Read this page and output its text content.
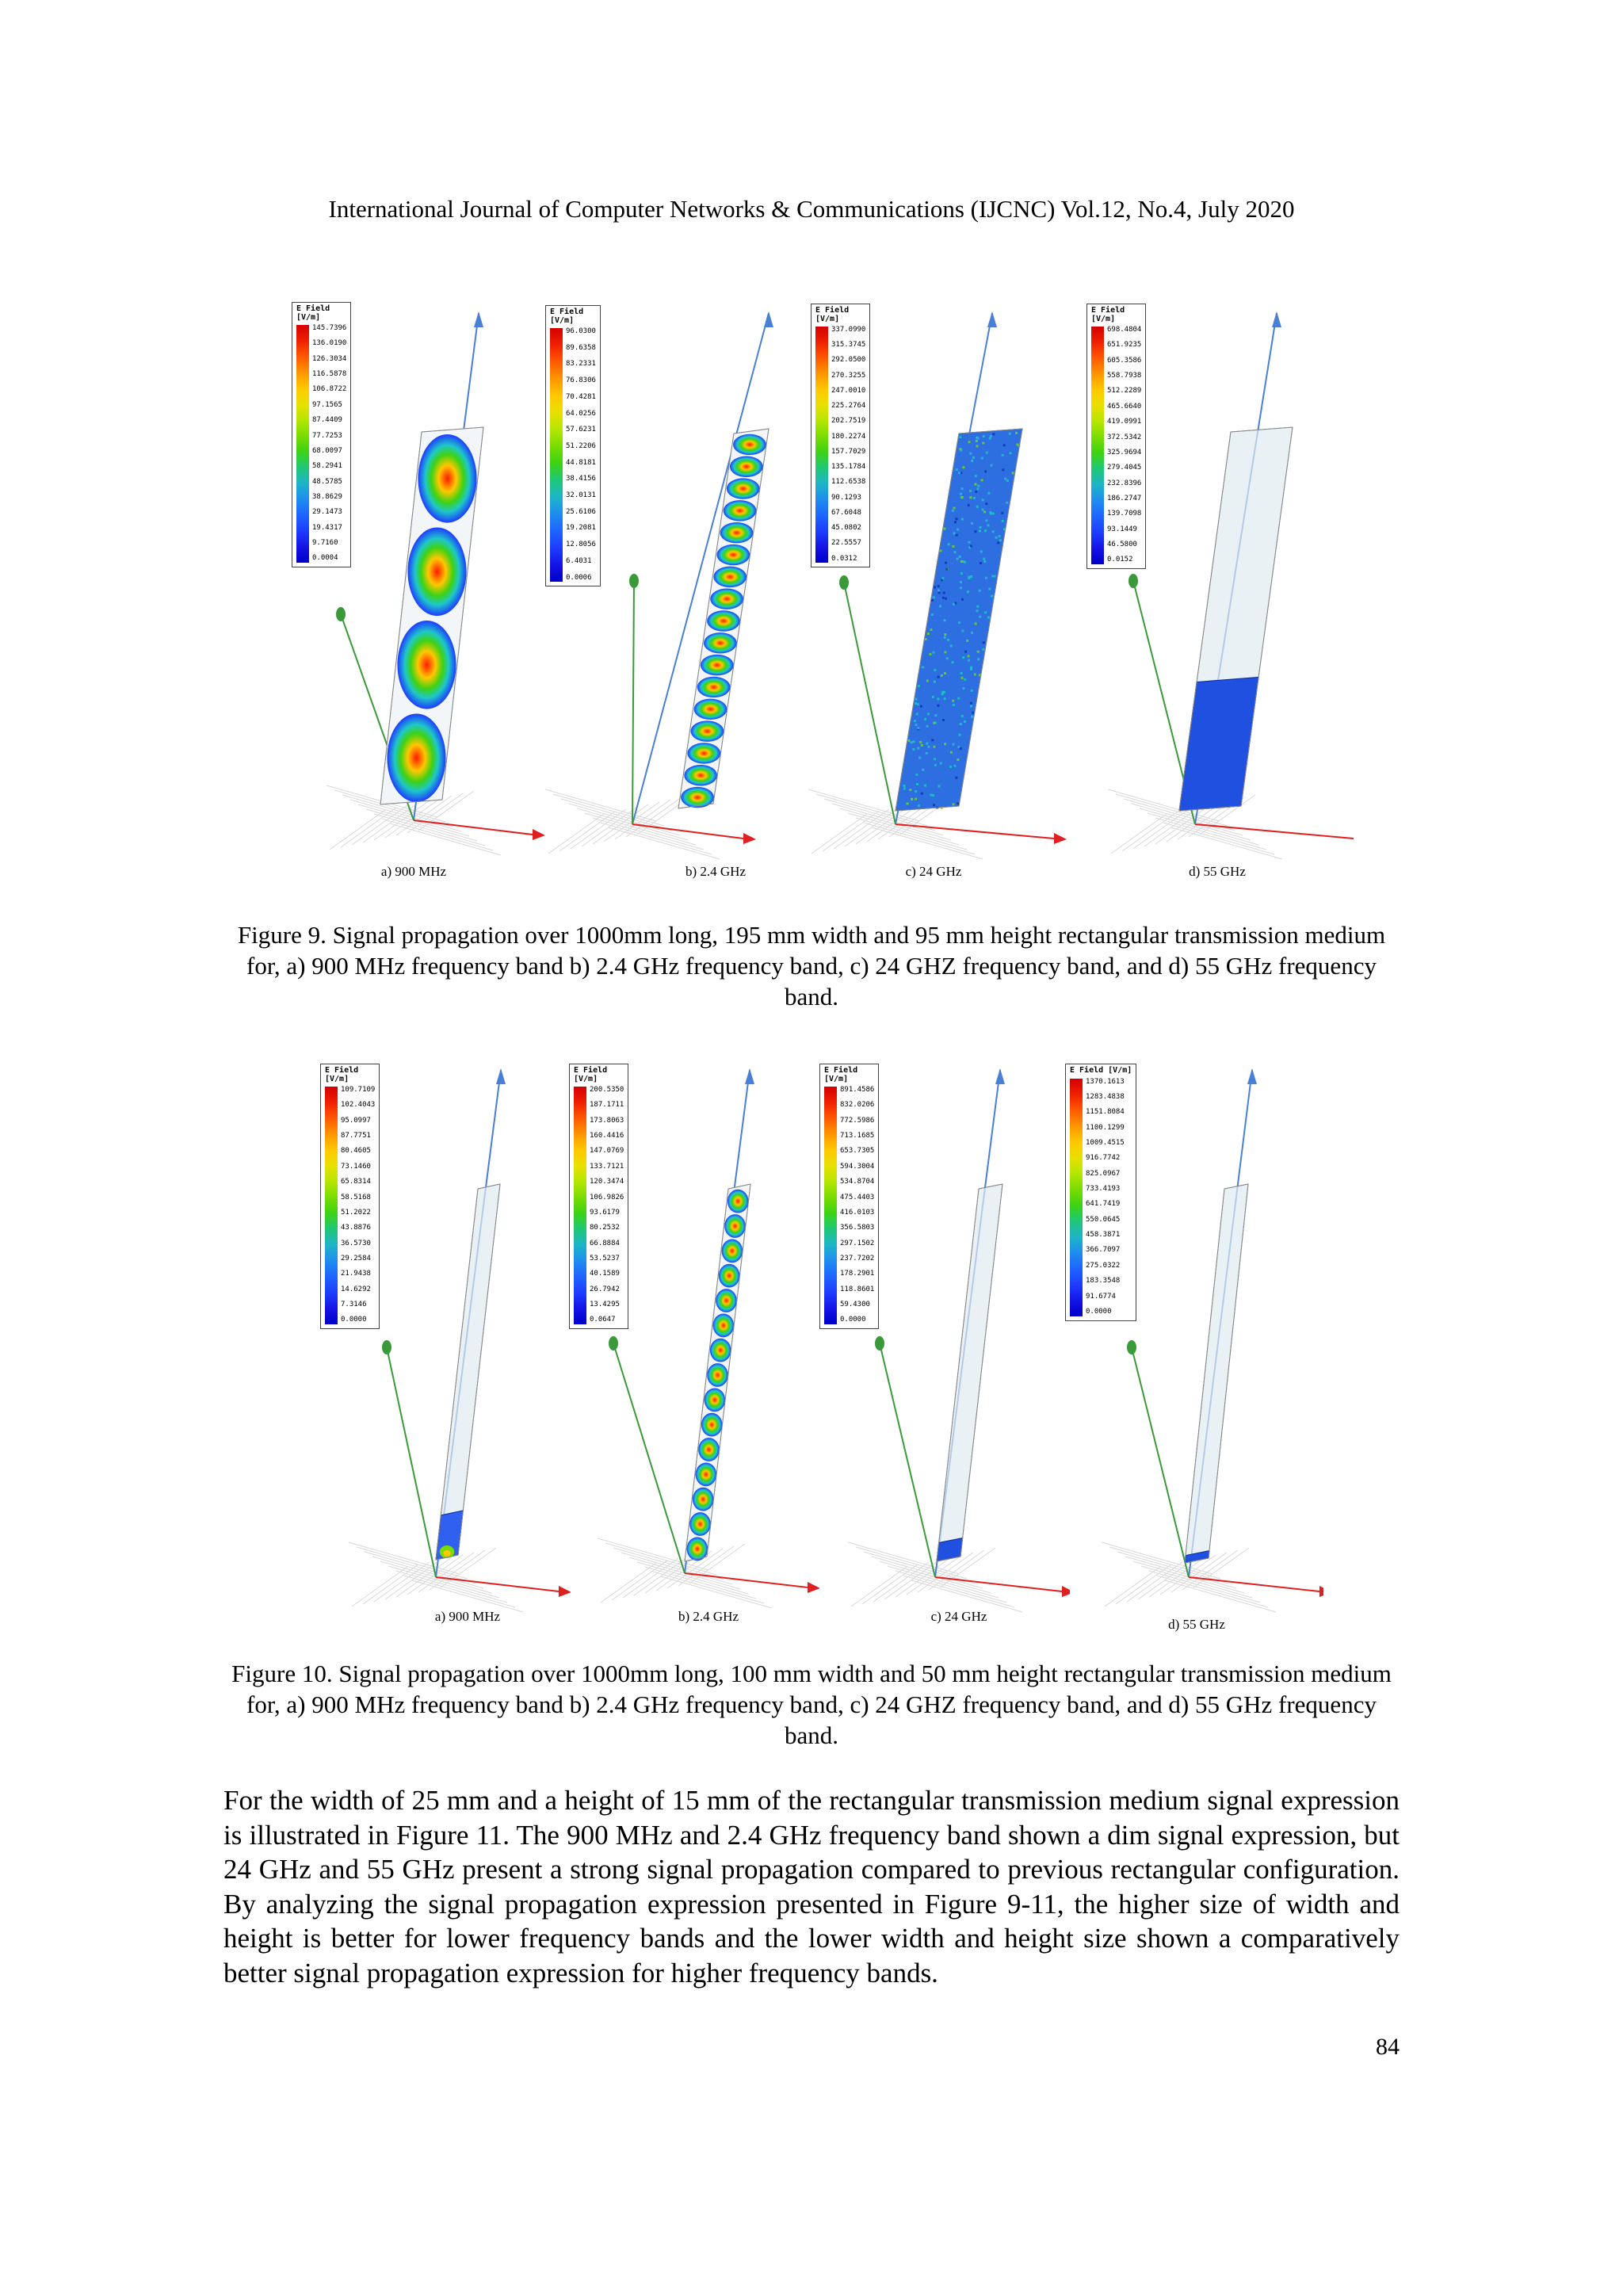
International Journal of Computer Networks & Communications (IJCNC) Vol.12, No.4, July 2020
E Field
[V/m]
145.7396
136.0190
126.3034
116.5878
106.8722
97.1565
87.4409
77.7253
68.0097
58.2941
48.5785
38.8629
29.1473
19.4317
9.7160
0.0004
a) 900 MHz
E Field
[V/m]
96.0300
89.6358
83.2331
76.8306
70.4281
64.0256
57.6231
51.2206
44.8181
38.4156
32.0131
25.6106
19.2081
12.8056
6.4031
0.0006
b) 2.4 GHz
E Field
[V/m]
337.0990
315.3745
292.0500
270.3255
247.0010
225.2764
202.7519
180.2274
157.7029
135.1784
112.6538
90.1293
67.6048
45.0802
22.5557
0.0312
c) 24 GHz
E Field
[V/m]
698.4804
651.9235
605.3586
558.7938
512.2289
465.6640
419.0991
372.5342
325.9694
279.4045
232.8396
186.2747
139.7098
93.1449
46.5800
0.0152
d) 55 GHz
Figure 9. Signal propagation over 1000mm long, 195 mm width and 95 mm height rectangular transmission medium for, a) 900 MHz frequency band b) 2.4 GHz frequency band, c) 24 GHZ frequency band, and d) 55 GHz frequency band.
E Field
[V/m]
109.7109
102.4043
95.0997
87.7751
80.4605
73.1460
65.8314
58.5168
51.2022
43.8876
36.5730
29.2584
21.9438
14.6292
7.3146
0.0000
a) 900 MHz
E Field
[V/m]
200.5350
187.1711
173.8063
160.4416
147.0769
133.7121
120.3474
106.9826
93.6179
80.2532
66.8884
53.5237
40.1589
26.7942
13.4295
0.0647
b) 2.4 GHz
E Field
[V/m]
891.4586
832.0206
772.5986
713.1685
653.7305
594.3004
534.8704
475.4403
416.0103
356.5803
297.1502
237.7202
178.2901
118.8601
59.4300
0.0000
c) 24 GHz
E Field [V/m]
1370.1613
1283.4838
1151.8084
1100.1299
1009.4515
916.7742
825.0967
733.4193
641.7419
550.0645
458.3871
366.7097
275.0322
183.3548
91.6774
0.0000
d) 55 GHz
Figure 10. Signal propagation over 1000mm long, 100 mm width and 50 mm height rectangular transmission medium for, a) 900 MHz frequency band b) 2.4 GHz frequency band, c) 24 GHZ frequency band, and d) 55 GHz frequency band.
For the width of 25 mm and a height of 15 mm of the rectangular transmission medium signal expression is illustrated in Figure 11. The 900 MHz and 2.4 GHz frequency band shown a dim signal expression, but 24 GHz and 55 GHz present a strong signal propagation compared to previous rectangular configuration. By analyzing the signal propagation expression presented in Figure 9-11, the higher size of width and height is better for lower frequency bands and the lower width and height size shown a comparatively better signal propagation expression for higher frequency bands.
84
